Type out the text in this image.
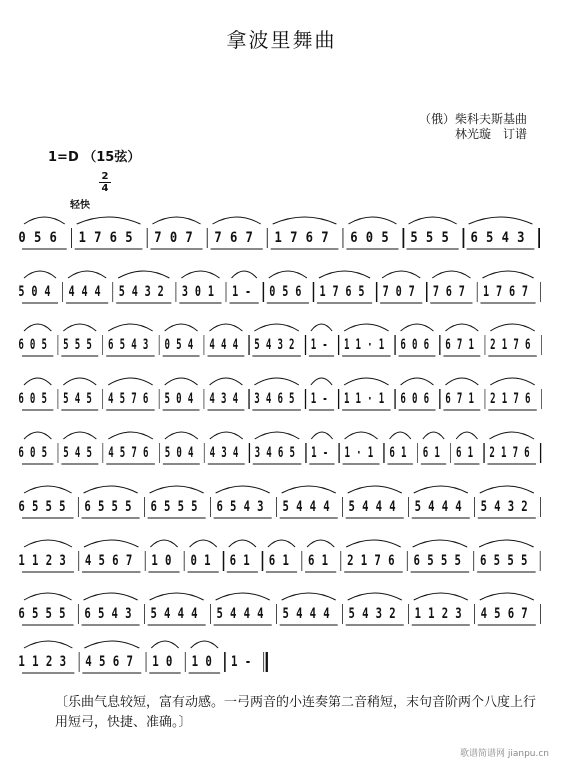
拿波里舞曲
（俄）柴科夫斯基曲
林光璇　订谱
1=D （15弦）
2
4
轻快
0
5
6
1
7
6
5
7
0
7
7
6
7
1
7
6
7
6
0
5
5
5
5
6
5
4
3

5
0
4
4
4
4
5
4
3
2
3
0
1
1
-
0
5
6
1
7
6
5
7
0
7
7
6
7
1
7
6
7

6
0
5
5
5
5
6
5
4
3
0
5
4
4
4
4
5
4
3
2
1
-
1
1
·
1
6
0
6
6
7
1
2
1
7
6

6
0
5
5
4
5
4
5
7
6
5
0
4
4
3
4
3
4
6
5
1
-
1
1
·
1
6
0
6
6
7
1
2
1
7
6

6
0
5
5
4
5
4
5
7
6
5
0
4
4
3
4
3
4
6
5
1
-
1
·
1
6
1
6
1
6
1
2
1
7
6

6
5
5
5
6
5
5
5
6
5
5
5
6
5
4
3
5
4
4
4
5
4
4
4
5
4
4
4
5
4
3
2

1
1
2
3
4
5
6
7
1
0
0
1
6
1
6
1
6
1
2
1
7
6
6
5
5
5
6
5
5
5

6
5
5
5
6
5
4
3
5
4
4
4
5
4
4
4
5
4
4
4
5
4
3
2
1
1
2
3
4
5
6
7

1
1
2
3
4
5
6
7
1
0
1
0
1
-

〔乐曲气息较短，富有动感。一弓两音的小连奏第二音稍短，末句音阶两个八度上行用短弓，快捷、准确。〕
歌谱简谱网 jianpu.cn
